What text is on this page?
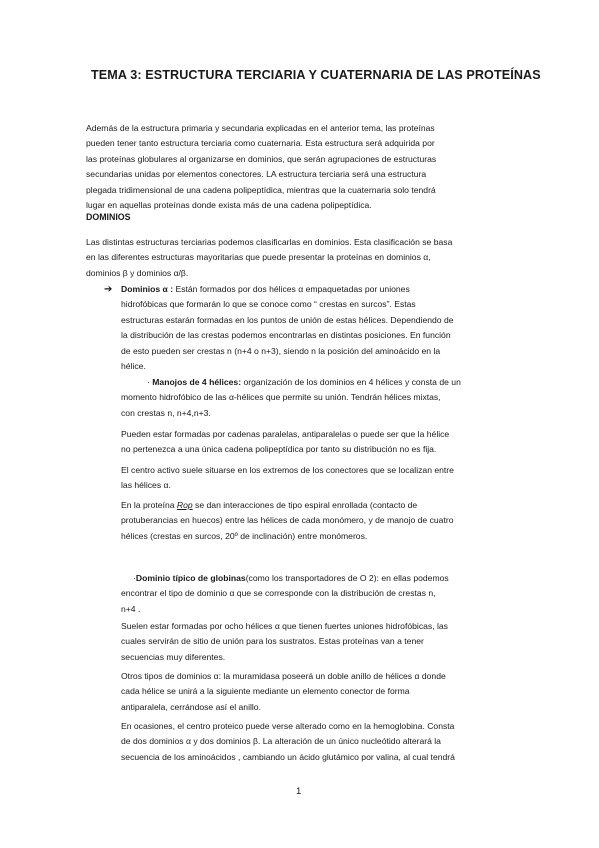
TEMA 3: ESTRUCTURA TERCIARIA Y CUATERNARIA DE LAS PROTEÍNAS
Además de la estructura primaria y secundaria explicadas en el anterior tema, las proteínas
pueden tener tanto estructura terciaria como cuaternaria. Esta estructura será adquirida por
las proteínas globulares al organizarse en dominios, que serán agrupaciones de estructuras
secundarias unidas por elementos conectores. LA estructura terciaria será una estructura
plegada tridimensional de una cadena polipeptídica, mientras que la cuaternaria solo tendrá
lugar en aquellas proteínas donde exista más de una cadena polipeptídica.
DOMINIOS
Las distintas estructuras terciarias podemos clasificarlas en dominios. Esta clasificación se basa
en las diferentes estructuras mayoritarias que puede presentar la proteínas en dominios α,
dominios β y dominios α/β.
➔ Dominios α : Están formados por dos hélices α empaquetadas por uniones
hidrofóbicas que formarán lo que se conoce como “ crestas en surcos”. Estas
estructuras estarán formadas en los puntos de unión de estas hélices. Dependiendo de
la distribución de las crestas podemos encontrarlas en distintas posiciones. En función
de esto pueden ser crestas n (n+4 o n+3), siendo n la posición del aminoácido en la
hélice.
· Manojos de 4 hélices: organización de los dominios en 4 hélices y consta de un
momento hidrofóbico de las α-hélices que permite su unión. Tendrán hélices mixtas,
con crestas n, n+4,n+3.
Pueden estar formadas por cadenas paralelas, antiparalelas o puede ser que la hélice
no pertenezca a una única cadena polipeptídica por tanto su distribución no es fija.
El centro activo suele situarse en los extremos de los conectores que se localizan entre
las hélices α.
En la proteína Rop se dan interacciones de tipo espiral enrollada (contacto de
protuberancias en huecos) entre las hélices de cada monómero, y de manojo de cuatro
hélices (crestas en surcos, 20º de inclinación) entre monómeros.
·Dominio típico de globinas(como los transportadores de O 2): en ellas podemos
encontrar el tipo de dominio α que se corresponde con la distribución de crestas n,
n+4 .
Suelen estar formadas por ocho hélices α que tienen fuertes uniones hidrofóbicas, las
cuales servirán de sitio de unión para los sustratos. Estas proteínas van a tener
secuencias muy diferentes.
Otros tipos de dominios α: la muramidasa poseerá un doble anillo de hélices α donde
cada hélice se unirá a la siguiente mediante un elemento conector de forma
antiparalela, cerrándose así el anillo.
En ocasiones, el centro proteico puede verse alterado como en la hemoglobina. Consta
de dos dominios α y dos dominios β. La alteración de un único nucleótido alterará la
secuencia de los aminoácidos , cambiando un ácido glutámico por valina, al cual tendrá
1
